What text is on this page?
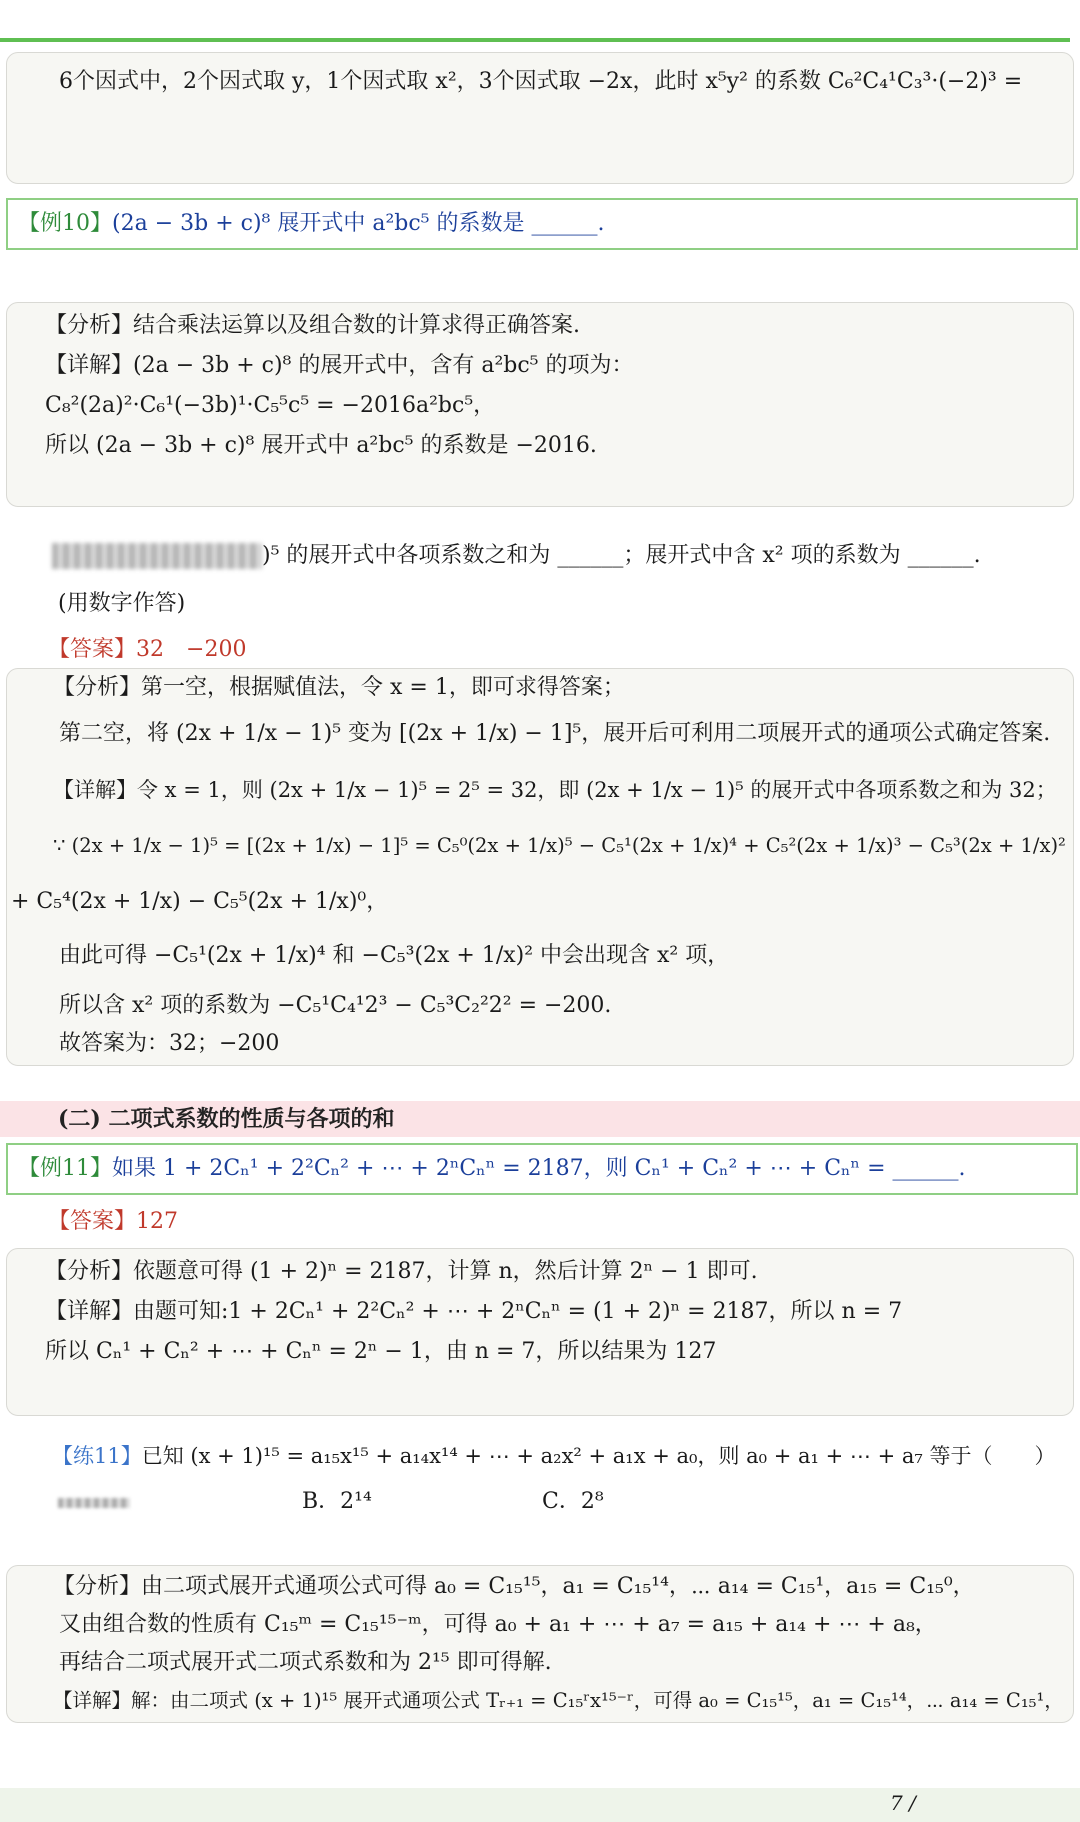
6个因式中，2个因式取 y，1个因式取 x²，3个因式取 −2x，此时 x⁵y² 的系数 C₆²C₄¹C₃³·(−2)³ =
【例10】(2a − 3b + c)⁸ 展开式中 a²bc⁵ 的系数是 ______.
【分析】结合乘法运算以及组合数的计算求得正确答案.
【详解】(2a − 3b + c)⁸ 的展开式中，含有 a²bc⁵ 的项为：
C₈²(2a)²·C₆¹(−3b)¹·C₅⁵c⁵ = −2016a²bc⁵，
所以 (2a − 3b + c)⁸ 展开式中 a²bc⁵ 的系数是 −2016.
)⁵ 的展开式中各项系数之和为 ______；展开式中含 x² 项的系数为 ______.
(用数字作答)
【答案】32　−200
【分析】第一空，根据赋值法，令 x = 1，即可求得答案；
第二空，将 (2x + 1/x − 1)⁵ 变为 [(2x + 1/x) − 1]⁵，展开后可利用二项展开式的通项公式确定答案.
【详解】令 x = 1，则 (2x + 1/x − 1)⁵ = 2⁵ = 32，即 (2x + 1/x − 1)⁵ 的展开式中各项系数之和为 32；
∵ (2x + 1/x − 1)⁵ = [(2x + 1/x) − 1]⁵ = C₅⁰(2x + 1/x)⁵ − C₅¹(2x + 1/x)⁴ + C₅²(2x + 1/x)³ − C₅³(2x + 1/x)²
+ C₅⁴(2x + 1/x) − C₅⁵(2x + 1/x)⁰，
由此可得 −C₅¹(2x + 1/x)⁴ 和 −C₅³(2x + 1/x)² 中会出现含 x² 项，
所以含 x² 项的系数为 −C₅¹C₄¹2³ − C₅³C₂²2² = −200.
故答案为：32；−200
(二) 二项式系数的性质与各项的和
【例11】如果 1 + 2Cₙ¹ + 2²Cₙ² + ⋯ + 2ⁿCₙⁿ = 2187，则 Cₙ¹ + Cₙ² + ⋯ + Cₙⁿ = ______.
【答案】127
【分析】依题意可得 (1 + 2)ⁿ = 2187，计算 n，然后计算 2ⁿ − 1 即可.
【详解】由题可知:1 + 2Cₙ¹ + 2²Cₙ² + ⋯ + 2ⁿCₙⁿ = (1 + 2)ⁿ = 2187，所以 n = 7
所以 Cₙ¹ + Cₙ² + ⋯ + Cₙⁿ = 2ⁿ − 1，由 n = 7，所以结果为 127
【练11】已知 (x + 1)¹⁵ = a₁₅x¹⁵ + a₁₄x¹⁴ + ⋯ + a₂x² + a₁x + a₀，则 a₀ + a₁ + ⋯ + a₇ 等于（　　）
B．2¹⁴	C．2⁸
【分析】由二项式展开式通项公式可得 a₀ = C₁₅¹⁵，a₁ = C₁₅¹⁴，⋯ a₁₄ = C₁₅¹，a₁₅ = C₁₅⁰，
又由组合数的性质有 C₁₅ᵐ = C₁₅¹⁵⁻ᵐ，可得 a₀ + a₁ + ⋯ + a₇ = a₁₅ + a₁₄ + ⋯ + a₈，
再结合二项式展开式二项式系数和为 2¹⁵ 即可得解.
【详解】解：由二项式 (x + 1)¹⁵ 展开式通项公式 Tᵣ₊₁ = C₁₅ʳx¹⁵⁻ʳ，可得 a₀ = C₁₅¹⁵，a₁ = C₁₅¹⁴，⋯ a₁₄ = C₁₅¹，
7 /
